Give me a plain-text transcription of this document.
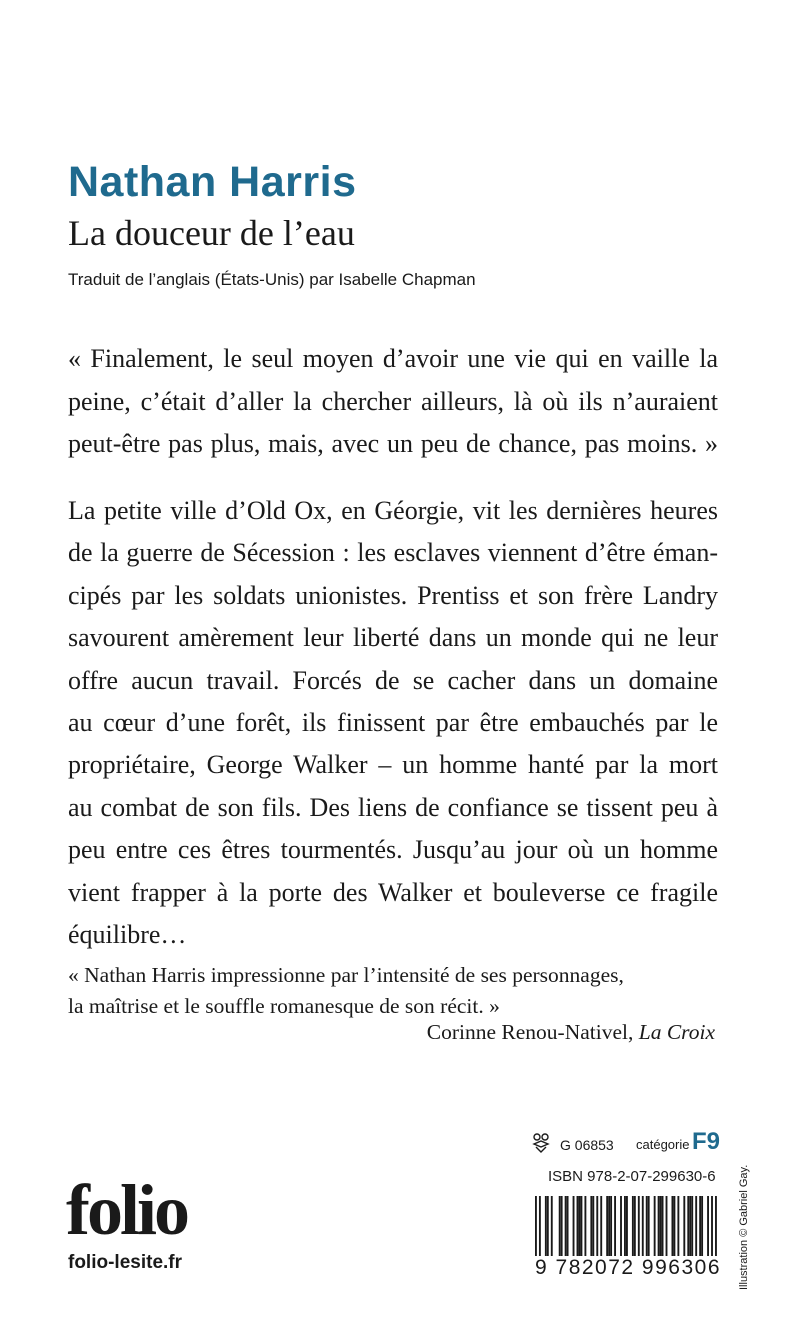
Nathan Harris
La douceur de l’eau
Traduit de l’anglais (États-Unis) par Isabelle Chapman
« Finalement, le seul moyen d’avoir une vie qui en vaille la
peine, c’était d’aller la chercher ailleurs, là où ils n’auraient
peut-être pas plus, mais, avec un peu de chance, pas moins. »
La petite ville d’Old Ox, en Géorgie, vit les dernières heures
de la guerre de Sécession : les esclaves viennent d’être éman-
cipés par les soldats unionistes. Prentiss et son frère Landry
savourent amèrement leur liberté dans un monde qui ne leur
offre aucun travail. Forcés de se cacher dans un domaine
au cœur d’une forêt, ils finissent par être embauchés par le
propriétaire, George Walker – un homme hanté par la mort
au combat de son fils. Des liens de confiance se tissent peu à
peu entre ces êtres tourmentés. Jusqu’au jour où un homme
vient frapper à la porte des Walker et bouleverse ce fragile
équilibre…
« Nathan Harris impressionne par l’intensité de ses personnages,
la maîtrise et le souffle romanesque de son récit. »
Corinne Renou-Nativel, La Croix
G 06853 catégorie F9
ISBN 978-2-07-299630-6
9 782072 996306
folio
folio-lesite.fr	Illustration © Gabriel Gay.
